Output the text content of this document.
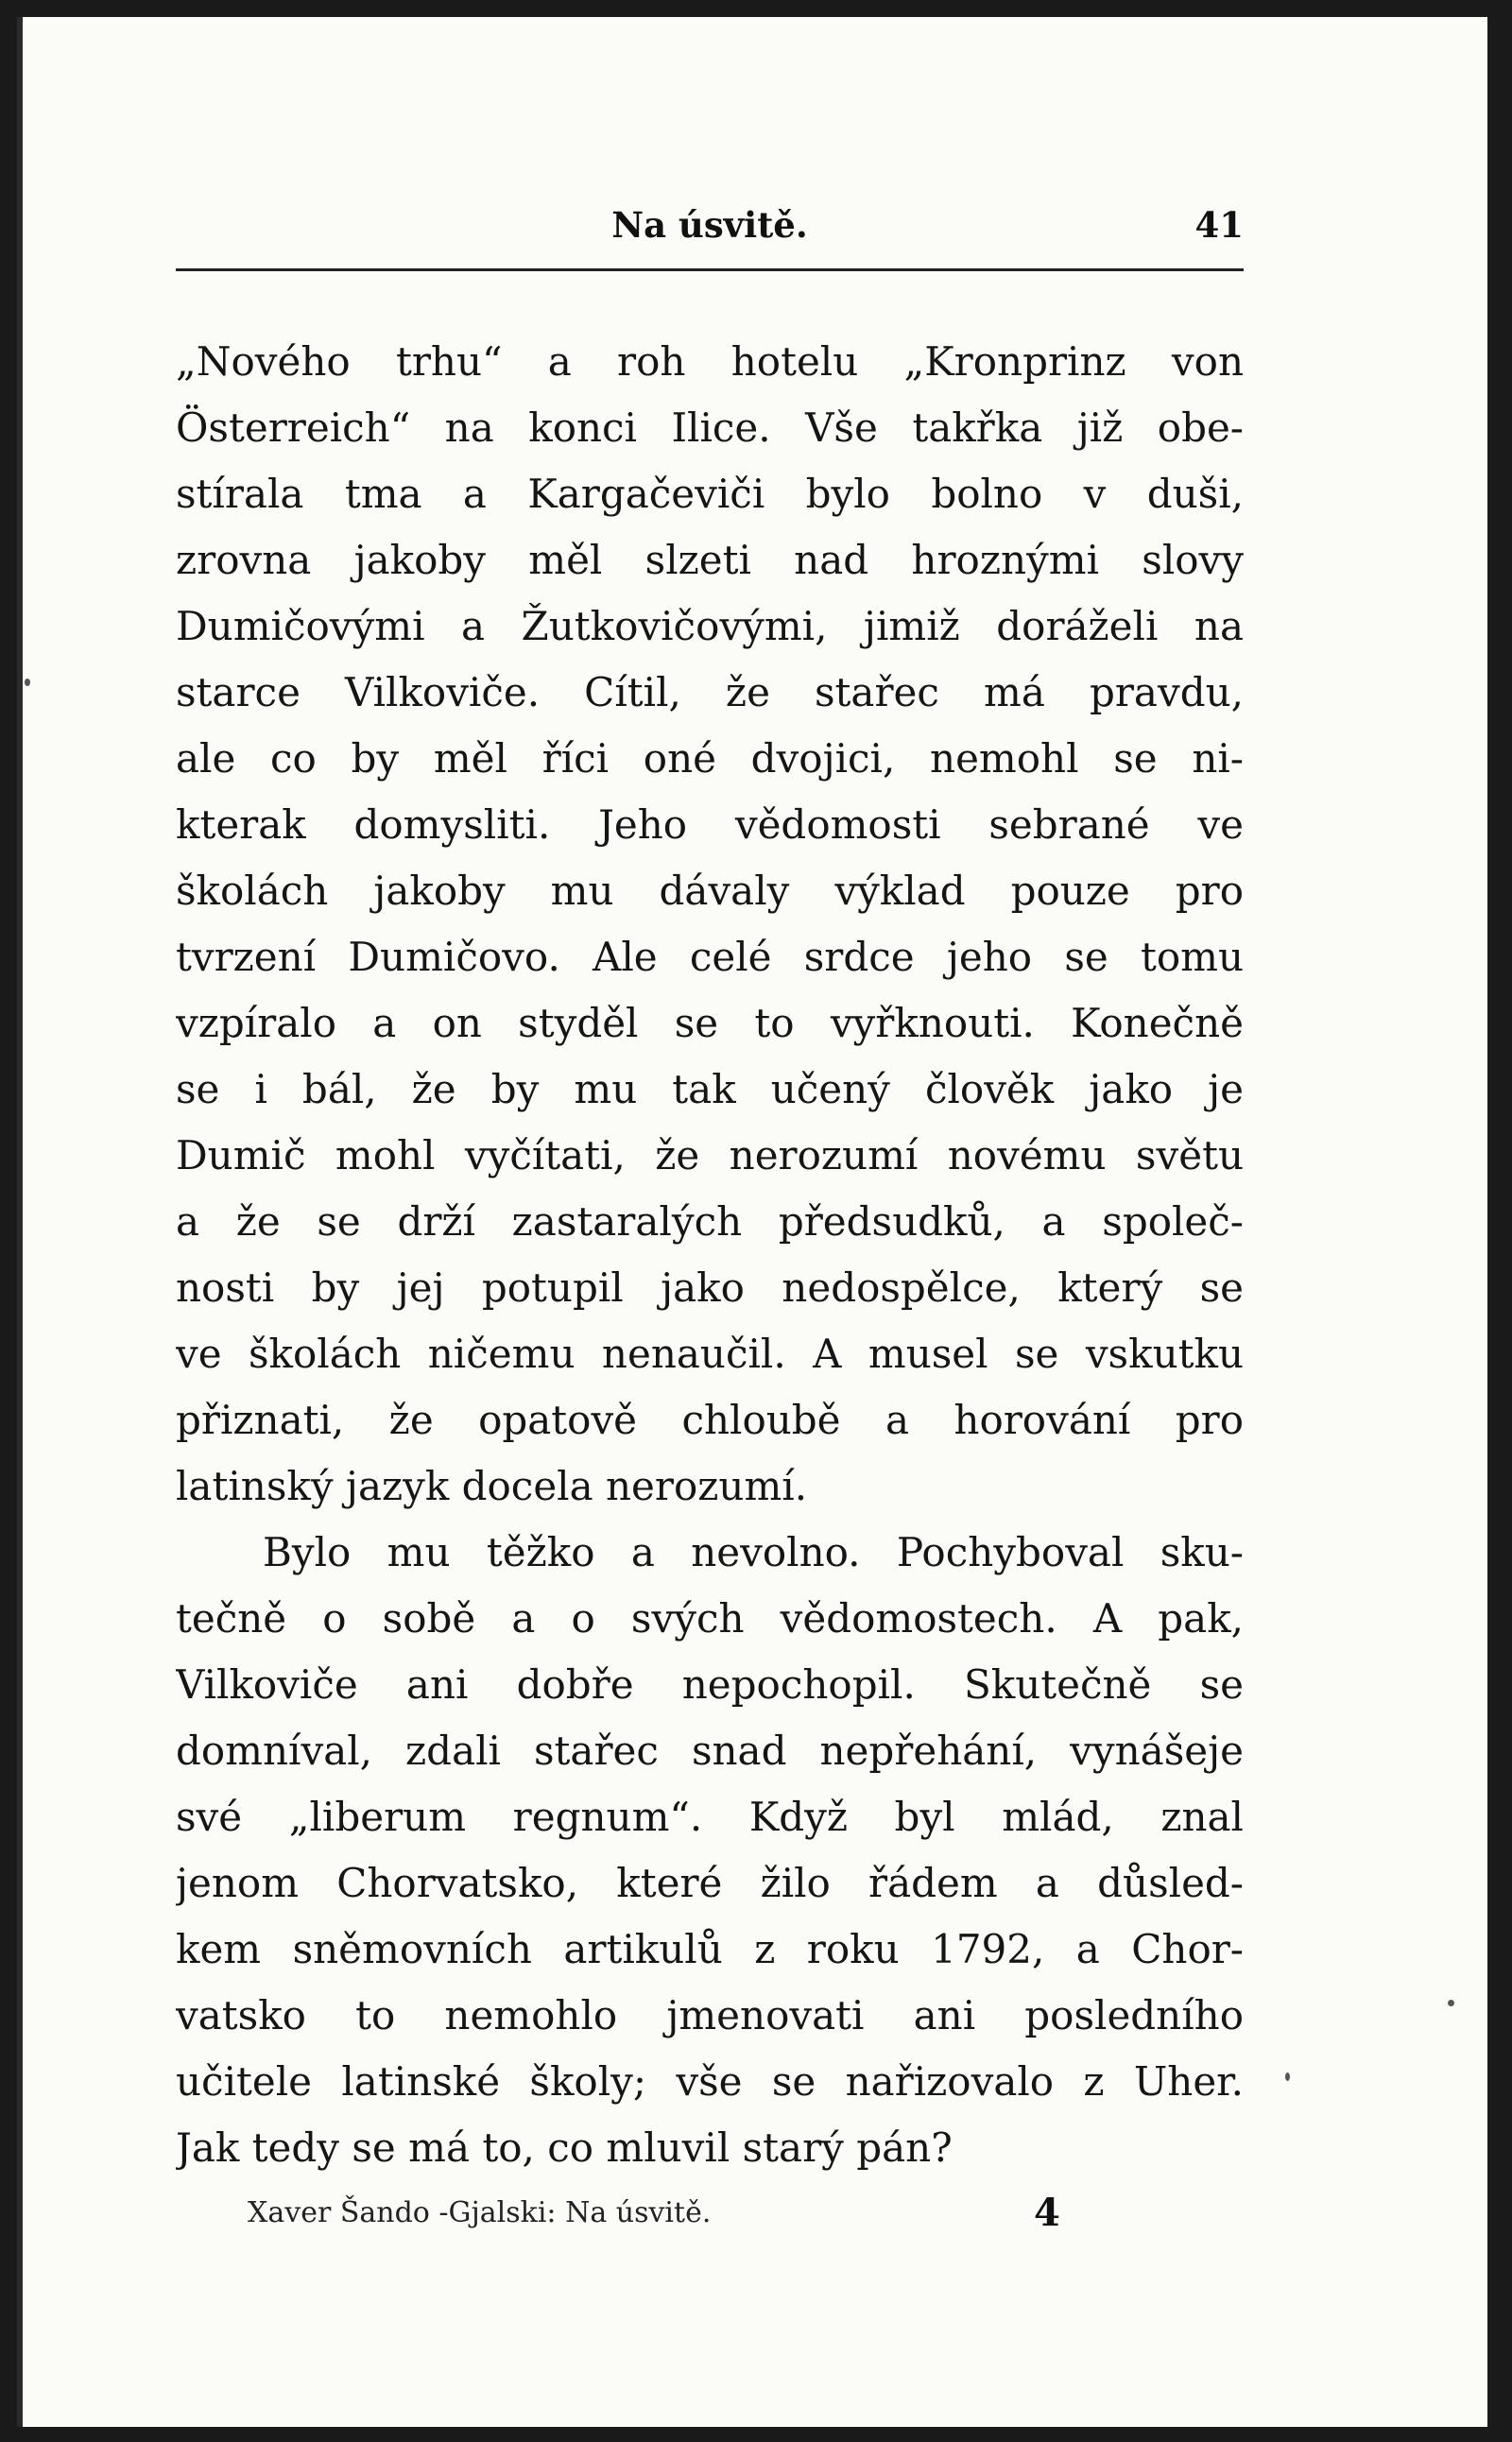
Na úsvitě.	41
„Nového trhu“ a roh hotelu „Kronprinz von
Österreich“ na konci Ilice. Vše takřka již obe-
stírala tma a Kargačeviči bylo bolno v duši,
zrovna jakoby měl slzeti nad hroznými slovy
Dumičovými a Žutkovičovými, jimiž doráželi na
starce Vilkoviče. Cítil, že stařec má pravdu,
ale co by měl říci oné dvojici, nemohl se ni-
kterak domysliti. Jeho vědomosti sebrané ve
školách jakoby mu dávaly výklad pouze pro
tvrzení Dumičovo. Ale celé srdce jeho se tomu
vzpíralo a on styděl se to vyřknouti. Konečně
se i bál, že by mu tak učený člověk jako je
Dumič mohl vyčítati, že nerozumí novému světu
a že se drží zastaralých předsudků, a společ-
nosti by jej potupil jako nedospělce, který se
ve školách ničemu nenaučil. A musel se vskutku
přiznati, že opatově chloubě a horování pro
latinský jazyk docela nerozumí.
Bylo mu těžko a nevolno. Pochyboval sku-
tečně o sobě a o svých vědomostech. A pak,
Vilkoviče ani dobře nepochopil. Skutečně se
domníval, zdali stařec snad nepřehání, vynášeje
své „liberum regnum“. Když byl mlád, znal
jenom Chorvatsko, které žilo řádem a důsled-
kem sněmovních artikulů z roku 1792, a Chor-
vatsko to nemohlo jmenovati ani posledního
učitele latinské školy; vše se nařizovalo z Uher.
Jak tedy se má to, co mluvil starý pán?
Xaver Šando -Gjalski: Na úsvitě.	4
